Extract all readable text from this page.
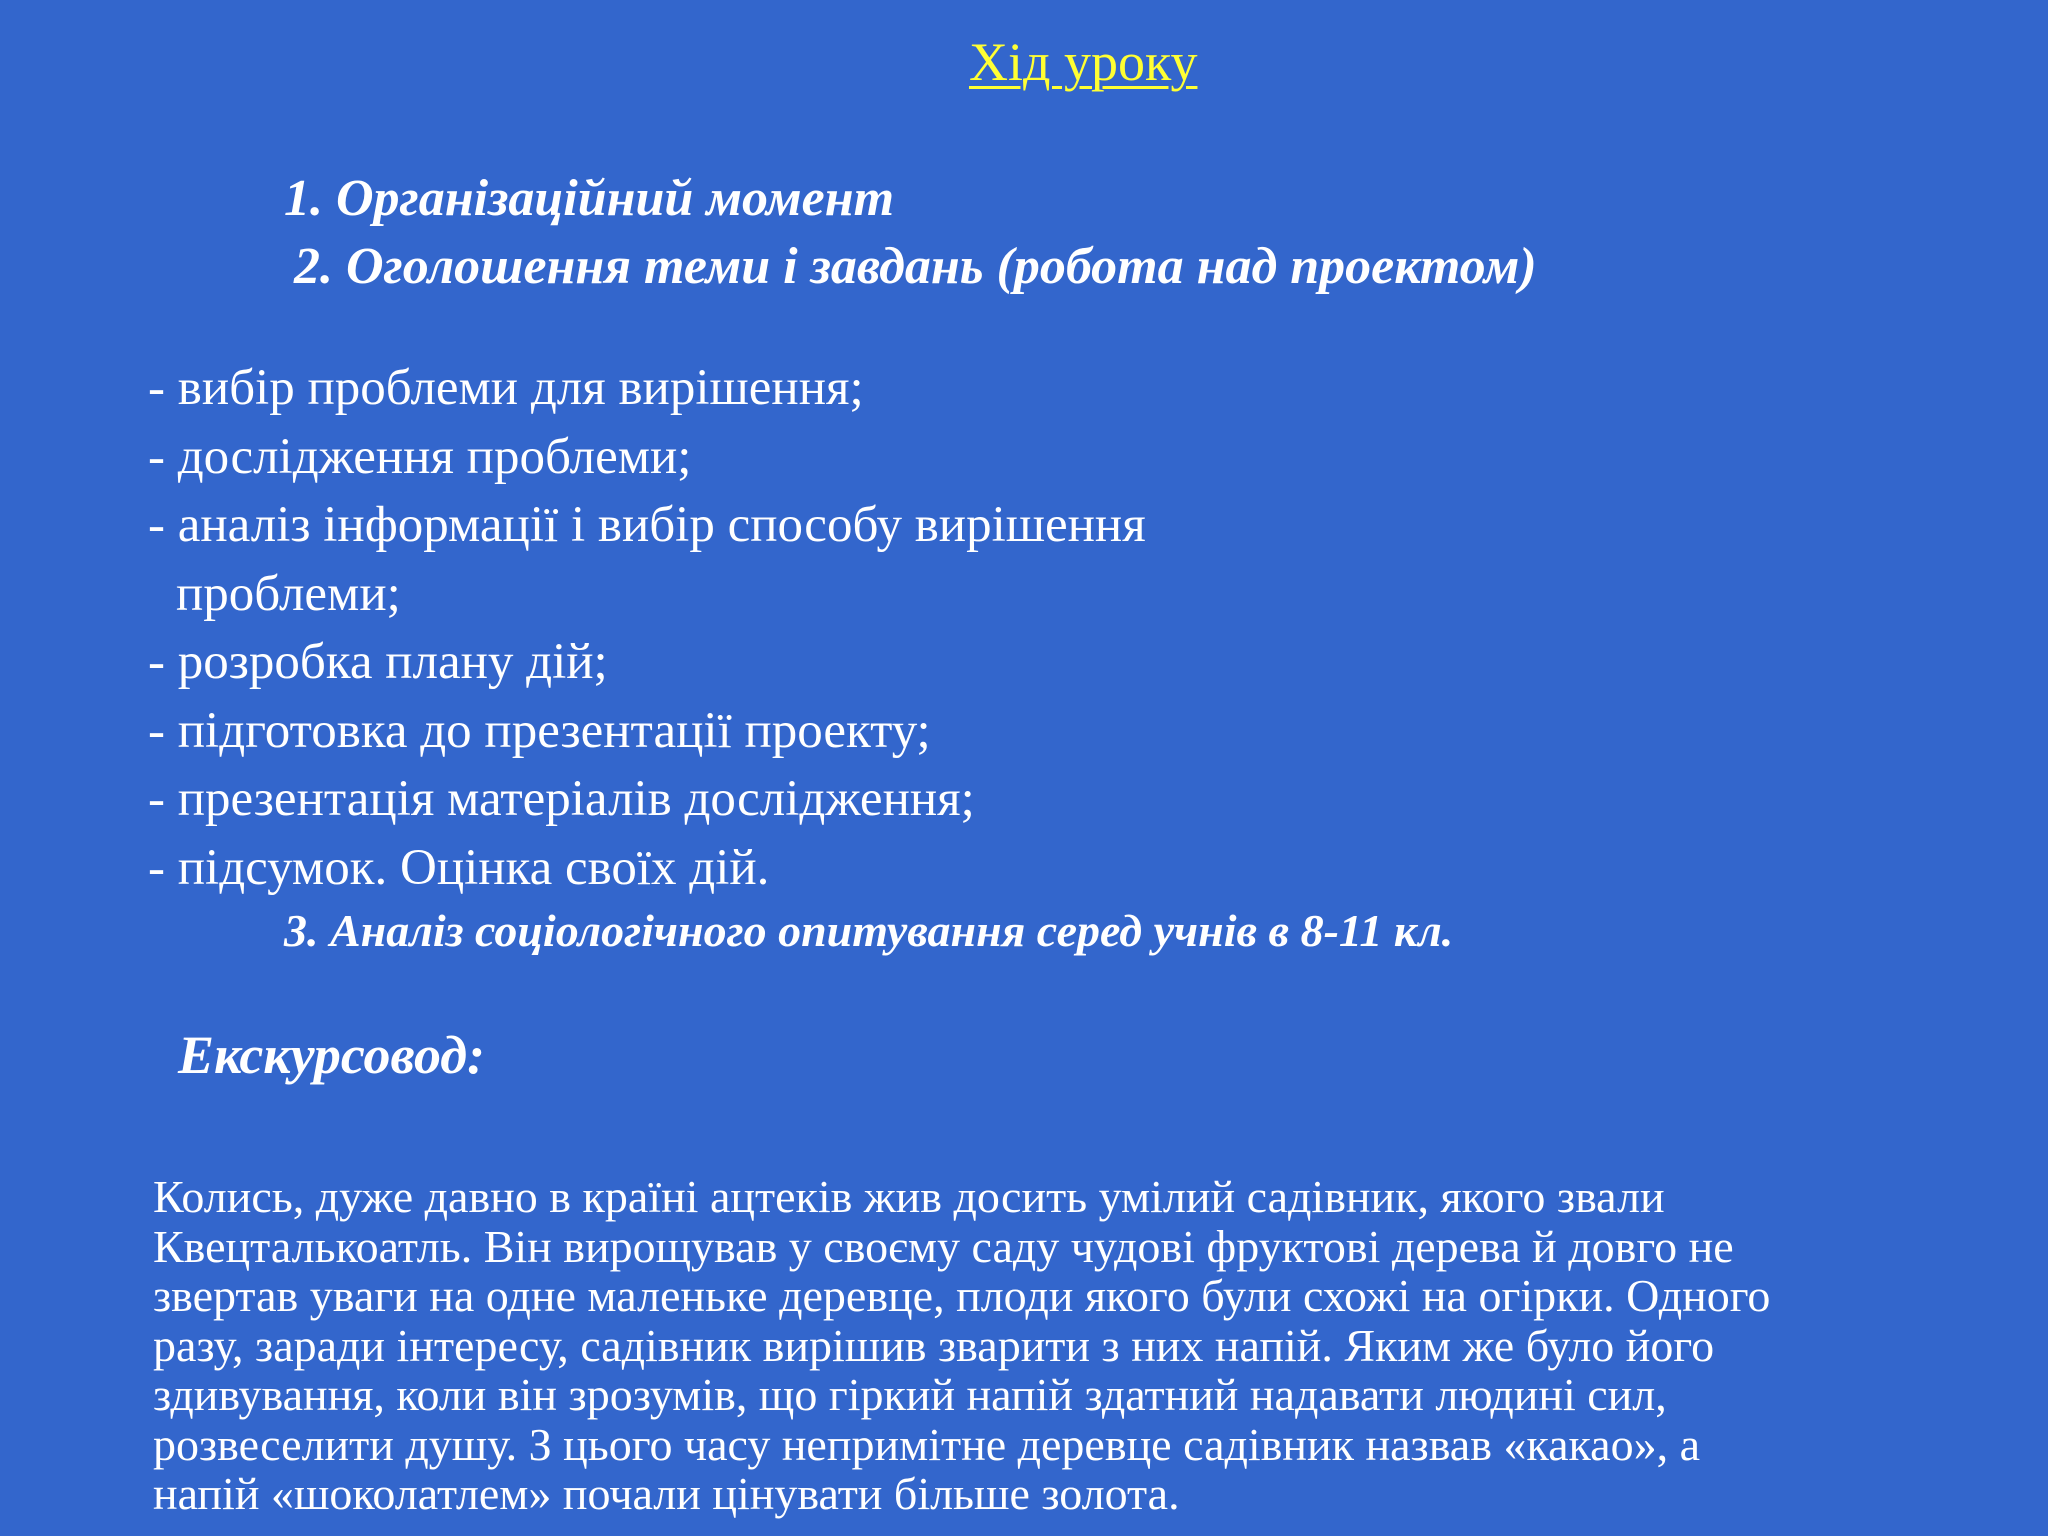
Хід уроку
1. Організаційний момент
2. Оголошення теми і завдань (робота над проектом)
- вибір проблеми для вирішення;
- дослідження проблеми;
- аналіз інформації і вибір способу вирішення
проблеми;
- розробка плану дій;
- підготовка до презентації проекту;
- презентація матеріалів дослідження;
- підсумок. Оцінка своїх дій.
3. Аналіз соціологічного опитування серед учнів в 8-11 кл.
Екскурсовод:
Колись, дуже давно в країні ацтеків жив досить умілий садівник, якого звали
Квецталькоатль. Він вирощував у своєму саду чудові фруктові дерева й довго не
звертав уваги на одне маленьке деревце, плоди якого були схожі на огірки. Одного
разу, заради інтересу, садівник вирішив зварити з них напій. Яким же було його
здивування, коли він зрозумів, що гіркий напій здатний надавати людині сил,
розвеселити душу. З цього часу непримітне деревце садівник назвав «какао», а
напій «шоколатлем» почали цінувати більше золота.
